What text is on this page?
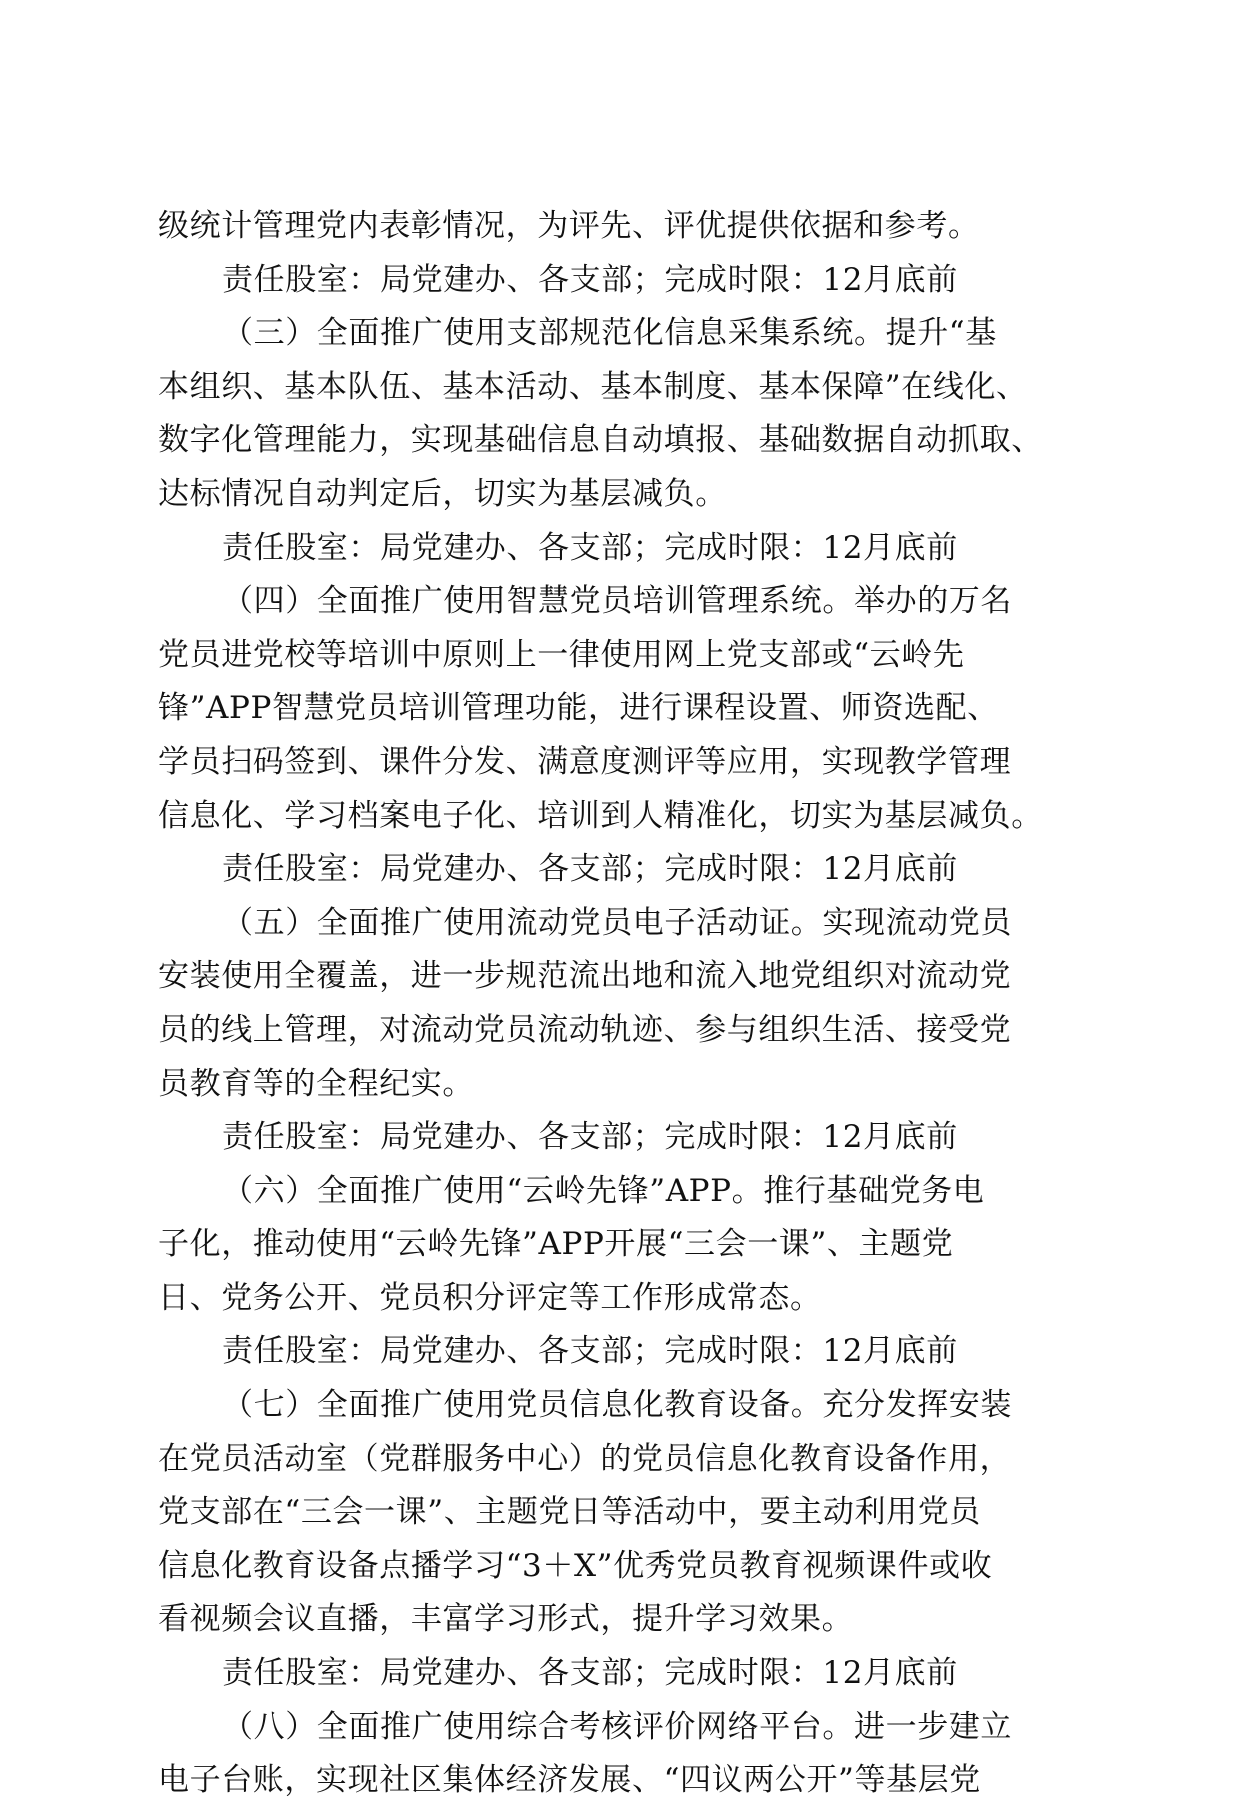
级统计管理党内表彰情况，为评先、评优提供依据和参考。
责任股室：局党建办、各支部；完成时限：12月底前
（三）全面推广使用支部规范化信息采集系统。提升“基
本组织、基本队伍、基本活动、基本制度、基本保障”在线化、
数字化管理能力，实现基础信息自动填报、基础数据自动抓取、
达标情况自动判定后，切实为基层减负。
责任股室：局党建办、各支部；完成时限：12月底前
（四）全面推广使用智慧党员培训管理系统。举办的万名
党员进党校等培训中原则上一律使用网上党支部或“云岭先
锋”APP智慧党员培训管理功能，进行课程设置、师资选配、
学员扫码签到、课件分发、满意度测评等应用，实现教学管理
信息化、学习档案电子化、培训到人精准化，切实为基层减负。
责任股室：局党建办、各支部；完成时限：12月底前
（五）全面推广使用流动党员电子活动证。实现流动党员
安装使用全覆盖，进一步规范流出地和流入地党组织对流动党
员的线上管理，对流动党员流动轨迹、参与组织生活、接受党
员教育等的全程纪实。
责任股室：局党建办、各支部；完成时限：12月底前
（六）全面推广使用“云岭先锋”APP。推行基础党务电
子化，推动使用“云岭先锋”APP开展“三会一课”、主题党
日、党务公开、党员积分评定等工作形成常态。
责任股室：局党建办、各支部；完成时限：12月底前
（七）全面推广使用党员信息化教育设备。充分发挥安装
在党员活动室（党群服务中心）的党员信息化教育设备作用，
党支部在“三会一课”、主题党日等活动中，要主动利用党员
信息化教育设备点播学习“3＋X”优秀党员教育视频课件或收
看视频会议直播，丰富学习形式，提升学习效果。
责任股室：局党建办、各支部；完成时限：12月底前
（八）全面推广使用综合考核评价网络平台。进一步建立
电子台账，实现社区集体经济发展、“四议两公开”等基层党
